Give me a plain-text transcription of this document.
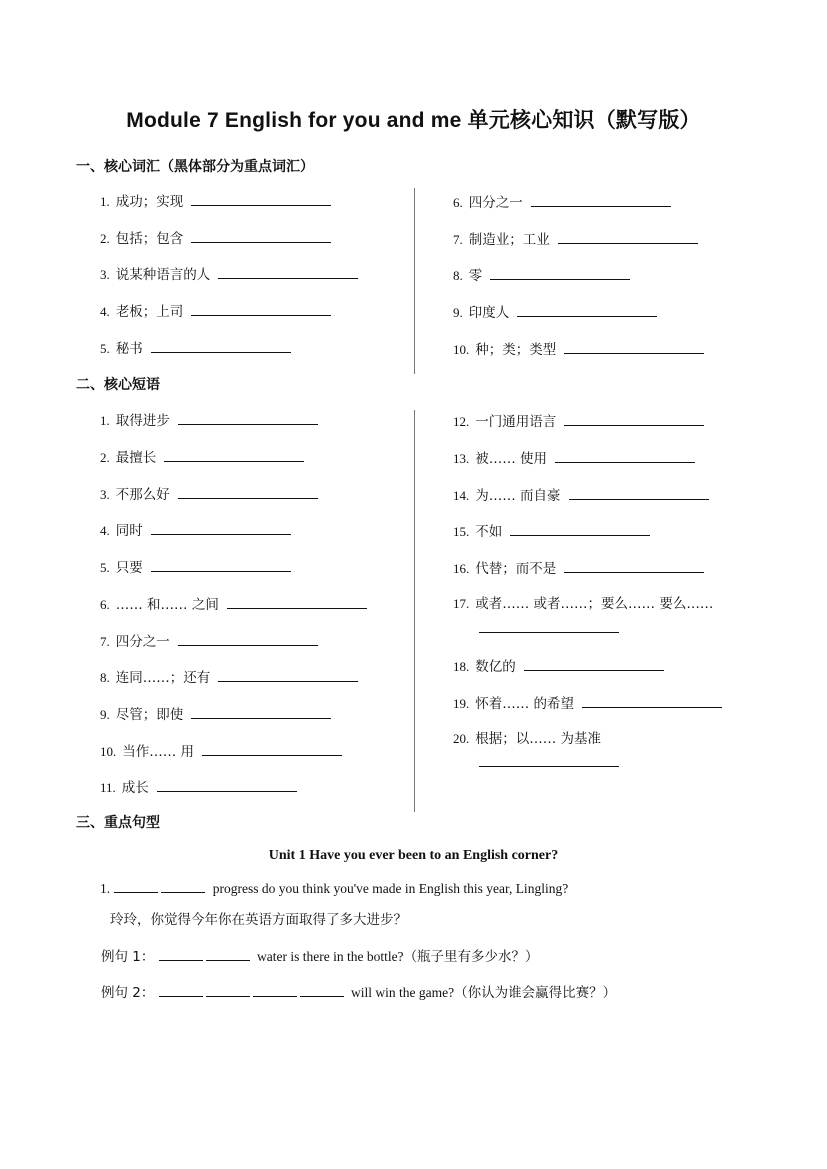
Module 7 English for you and me 单元核心知识（默写版）
一、核心词汇（黑体部分为重点词汇）
1. 成功；实现
2. 包括；包含
3. 说某种语言的人
4. 老板；上司
5. 秘书
6. 四分之一
7. 制造业；工业
8. 零
9. 印度人
10. 种；类；类型
二、核心短语
1. 取得进步
2. 最擅长
3. 不那么好
4. 同时
5. 只要
6. …… 和…… 之间
7. 四分之一
8. 连同……；还有
9. 尽管；即使
10. 当作…… 用
11. 成长
12. 一门通用语言
13. 被…… 使用
14. 为…… 而自豪
15. 不如
16. 代替；而不是
17. 或者…… 或者……；要么…… 要么……
18. 数亿的
19. 怀着…… 的希望
20. 根据；以…… 为基准
三、重点句型
Unit 1 Have you ever been to an English corner?
1.	progress do you think you've made in English this year, Lingling?
玲玲，你觉得今年你在英语方面取得了多大进步？
例句 1：	water is there in the bottle?（瓶子里有多少水？）
例句 2：	will win the game?（你认为谁会赢得比赛？）
